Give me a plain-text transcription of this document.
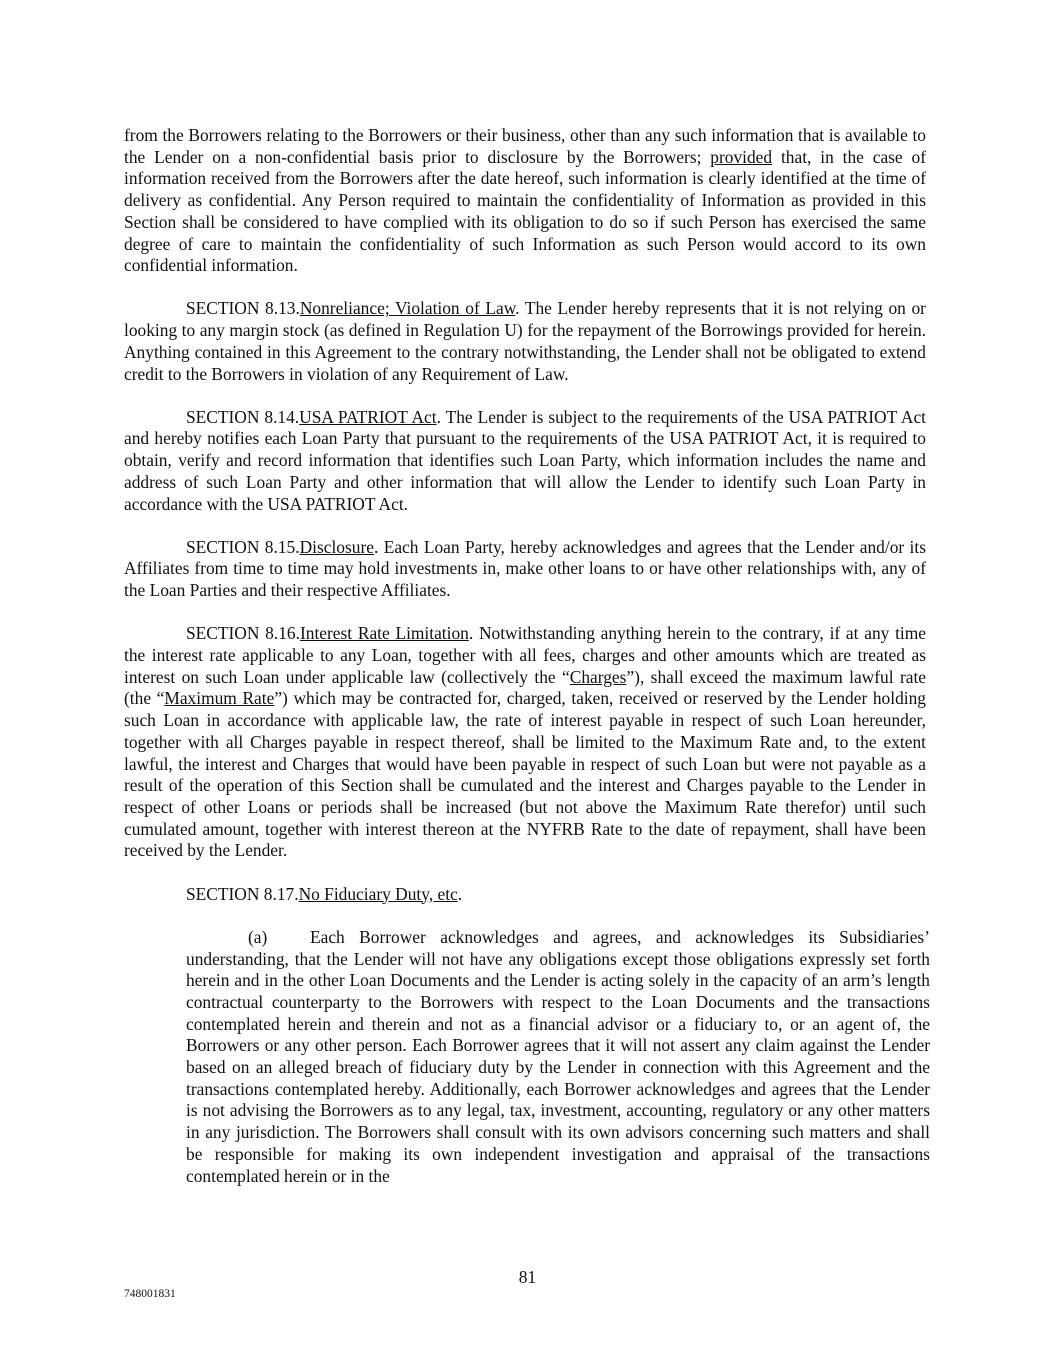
from the Borrowers relating to the Borrowers or their business, other than any such information that is available to the Lender on a non-confidential basis prior to disclosure by the Borrowers; provided that, in the case of information received from the Borrowers after the date hereof, such information is clearly identified at the time of delivery as confidential. Any Person required to maintain the confidentiality of Information as provided in this Section shall be considered to have complied with its obligation to do so if such Person has exercised the same degree of care to maintain the confidentiality of such Information as such Person would accord to its own confidential information.

SECTION 8.13.Nonreliance; Violation of Law. The Lender hereby represents that it is not relying on or looking to any margin stock (as defined in Regulation U) for the repayment of the Borrowings provided for herein. Anything contained in this Agreement to the contrary notwithstanding, the Lender shall not be obligated to extend credit to the Borrowers in violation of any Requirement of Law.

SECTION 8.14.USA PATRIOT Act. The Lender is subject to the requirements of the USA PATRIOT Act and hereby notifies each Loan Party that pursuant to the requirements of the USA PATRIOT Act, it is required to obtain, verify and record information that identifies such Loan Party, which information includes the name and address of such Loan Party and other information that will allow the Lender to identify such Loan Party in accordance with the USA PATRIOT Act.

SECTION 8.15.Disclosure. Each Loan Party, hereby acknowledges and agrees that the Lender and/or its Affiliates from time to time may hold investments in, make other loans to or have other relationships with, any of the Loan Parties and their respective Affiliates.

SECTION 8.16.Interest Rate Limitation. Notwithstanding anything herein to the contrary, if at any time the interest rate applicable to any Loan, together with all fees, charges and other amounts which are treated as interest on such Loan under applicable law (collectively the “Charges”), shall exceed the maximum lawful rate (the “Maximum Rate”) which may be contracted for, charged, taken, received or reserved by the Lender holding such Loan in accordance with applicable law, the rate of interest payable in respect of such Loan hereunder, together with all Charges payable in respect thereof, shall be limited to the Maximum Rate and, to the extent lawful, the interest and Charges that would have been payable in respect of such Loan but were not payable as a result of the operation of this Section shall be cumulated and the interest and Charges payable to the Lender in respect of other Loans or periods shall be increased (but not above the Maximum Rate therefor) until such cumulated amount, together with interest thereon at the NYFRB Rate to the date of repayment, shall have been received by the Lender.

SECTION 8.17.No Fiduciary Duty, etc.

(a) Each Borrower acknowledges and agrees, and acknowledges its Subsidiaries’ understanding, that the Lender will not have any obligations except those obligations expressly set forth herein and in the other Loan Documents and the Lender is acting solely in the capacity of an arm’s length contractual counterparty to the Borrowers with respect to the Loan Documents and the transactions contemplated herein and therein and not as a financial advisor or a fiduciary to, or an agent of, the Borrowers or any other person. Each Borrower agrees that it will not assert any claim against the Lender based on an alleged breach of fiduciary duty by the Lender in connection with this Agreement and the transactions contemplated hereby. Additionally, each Borrower acknowledges and agrees that the Lender is not advising the Borrowers as to any legal, tax, investment, accounting, regulatory or any other matters in any jurisdiction. The Borrowers shall consult with its own advisors concerning such matters and shall be responsible for making its own independent investigation and appraisal of the transactions contemplated herein or in the

81
748001831
